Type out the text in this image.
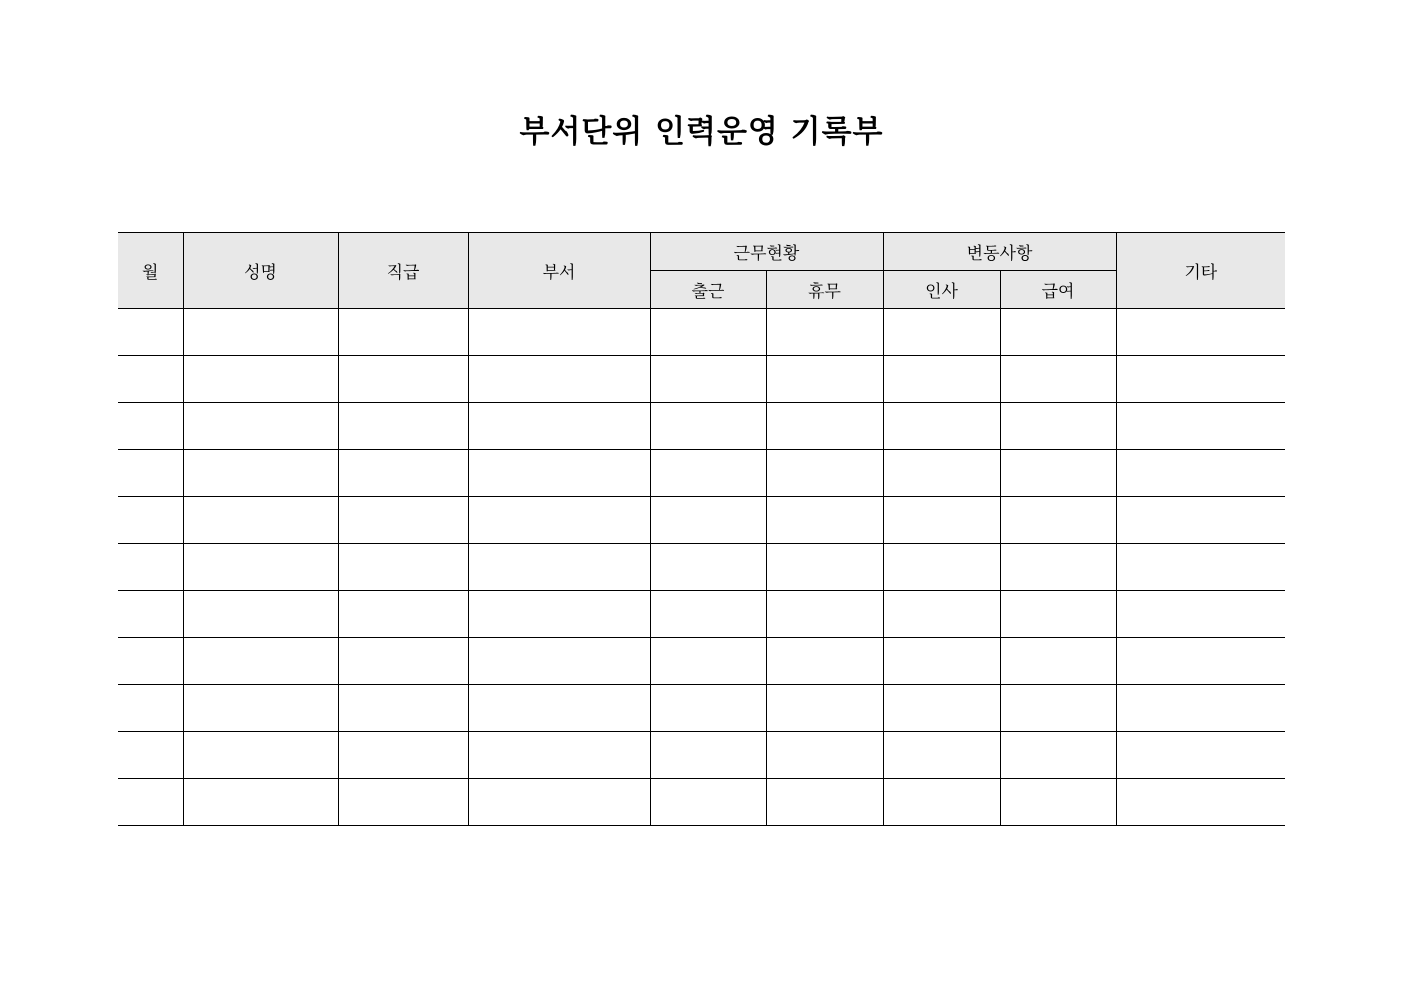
부서단위 인력운영 기록부
월	성명	직급	부서	근무현황		변동사항		기타
				출근	휴무	인사	급여	
